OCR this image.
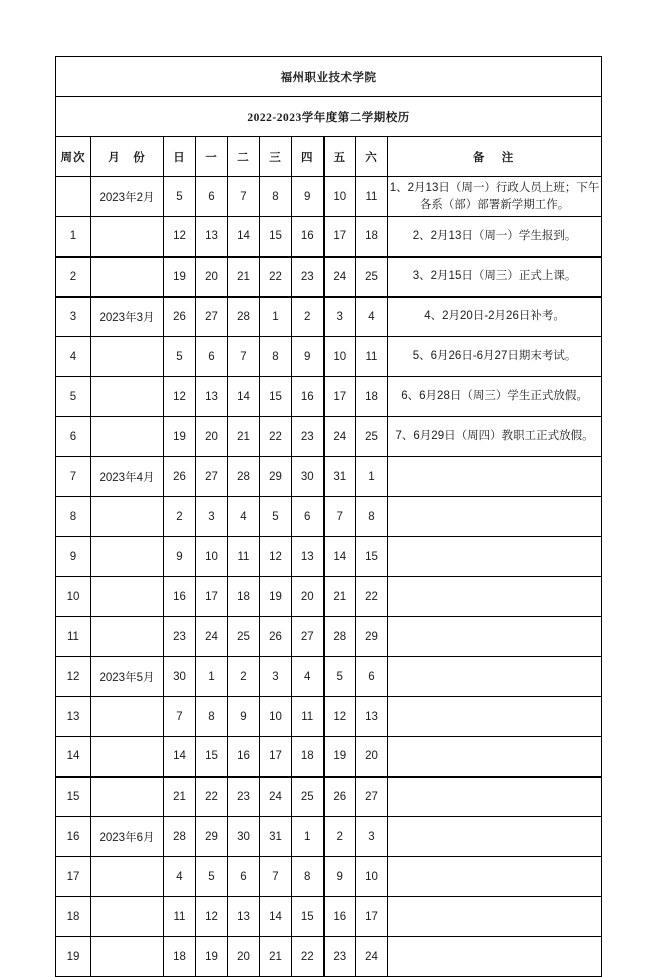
福州职业技术学院									
2022-2023学年度第二学期校历									
周次	月　份	日	一	二	三	四	五	六	备　注
	2023年2月	5	6	7	8	9	10	11	1、2月13日（周一）行政人员上班；下午各系（部）部署新学期工作。
1		12	13	14	15	16	17	18	2、2月13日（周一）学生报到。
2		19	20	21	22	23	24	25	3、2月15日（周三）正式上课。
3	2023年3月	26	27	28	1	2	3	4	4、2月20日-2月26日补考。
4		5	6	7	8	9	10	11	5、6月26日-6月27日期末考试。
5		12	13	14	15	16	17	18	6、6月28日（周三）学生正式放假。
6		19	20	21	22	23	24	25	7、6月29日（周四）教职工正式放假。
7	2023年4月	26	27	28	29	30	31	1	
8		2	3	4	5	6	7	8	
9		9	10	11	12	13	14	15	
10		16	17	18	19	20	21	22	
11		23	24	25	26	27	28	29	
12	2023年5月	30	1	2	3	4	5	6	
13		7	8	9	10	11	12	13	
14		14	15	16	17	18	19	20	
15		21	22	23	24	25	26	27	
16	2023年6月	28	29	30	31	1	2	3	
17		4	5	6	7	8	9	10	
18		11	12	13	14	15	16	17	
19		18	19	20	21	22	23	24	
